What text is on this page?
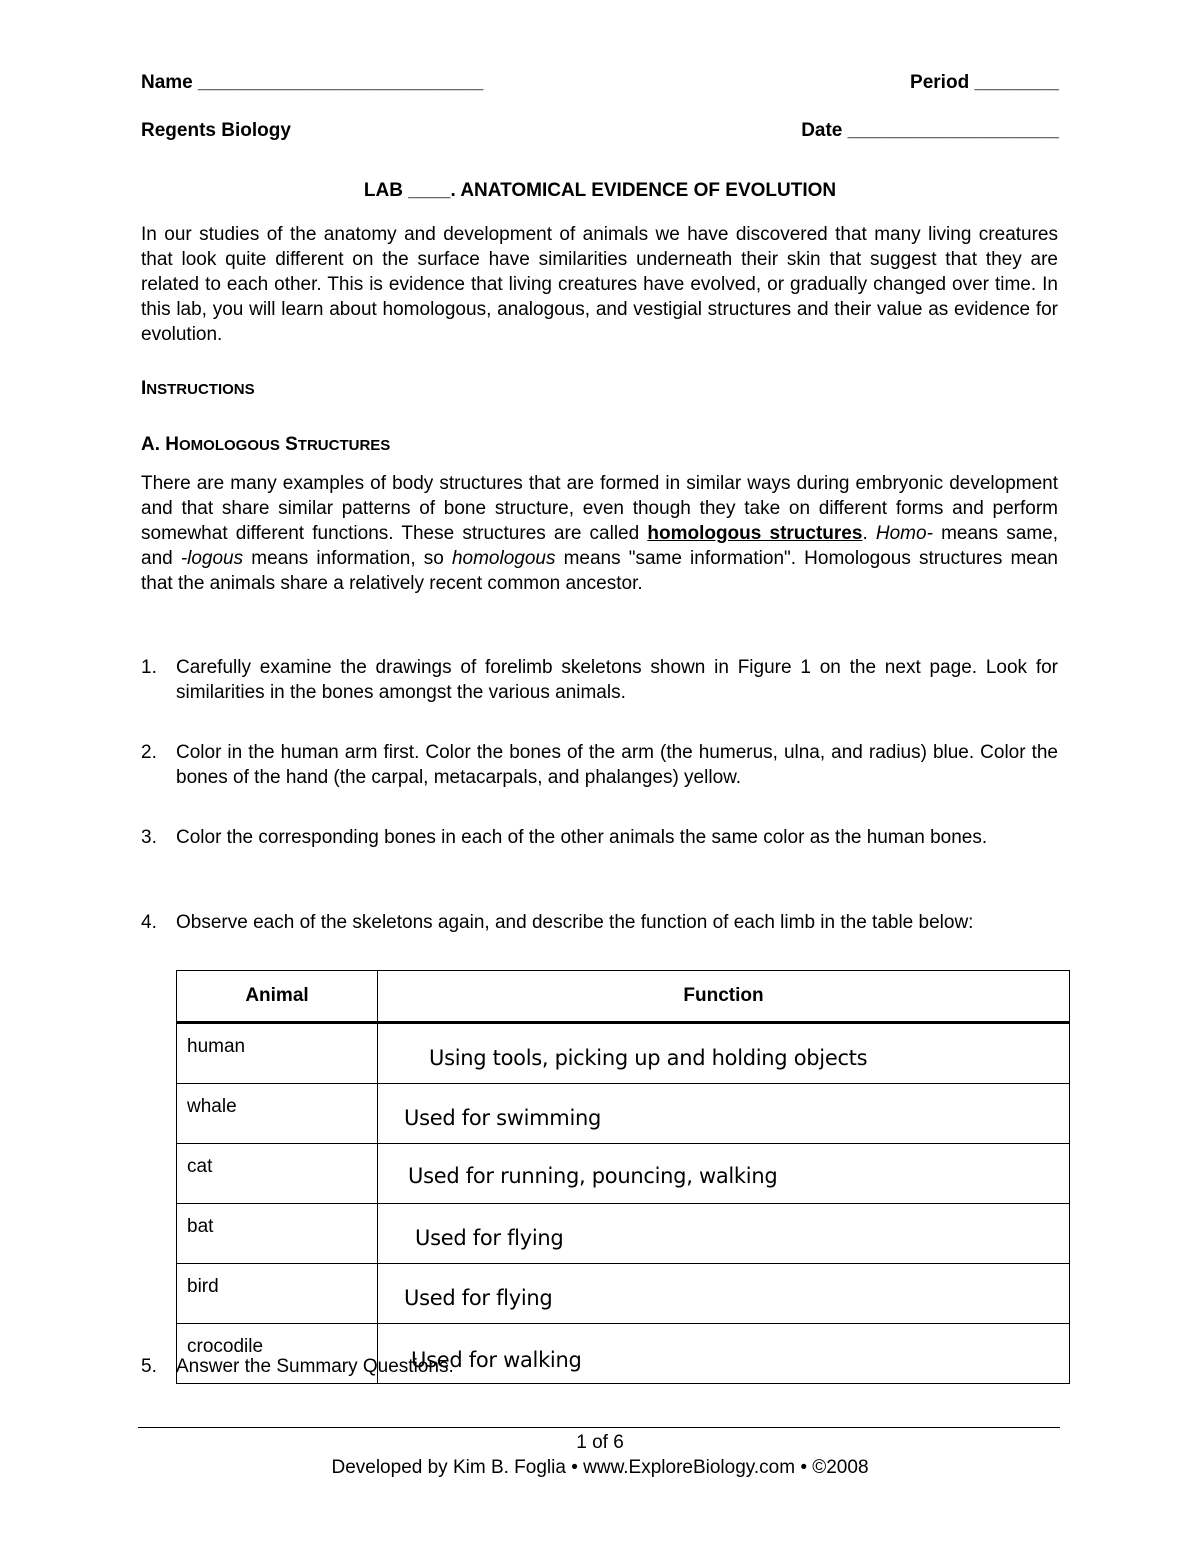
Name ___________________________	Period ________
Regents Biology	Date ____________________
LAB ____. ANATOMICAL EVIDENCE OF EVOLUTION

In our studies of the anatomy and development of animals we have discovered that many living creatures that look quite different on the surface have similarities underneath their skin that suggest that they are related to each other. This is evidence that living creatures have evolved, or gradually changed over time. In this lab, you will learn about homologous, analogous, and vestigial structures and their value as evidence for evolution.

INSTRUCTIONS
A. HOMOLOGOUS STRUCTURES

There are many examples of body structures that are formed in similar ways during embryonic development and that share similar patterns of bone structure, even though they take on different forms and perform somewhat different functions. These structures are called homologous structures. Homo- means same, and -logous means information, so homologous means "same information". Homologous structures mean that the animals share a relatively recent common ancestor.

1. Carefully examine the drawings of forelimb skeletons shown in Figure 1 on the next page. Look for similarities in the bones amongst the various animals.
2. Color in the human arm first. Color the bones of the arm (the humerus, ulna, and radius) blue. Color the bones of the hand (the carpal, metacarpals, and phalanges) yellow.
3. Color the corresponding bones in each of the other animals the same color as the human bones.
4. Observe each of the skeletons again, and describe the function of each limb in the table below:
5. Answer the Summary Questions.
Animal	Function
human	Using tools, picking up and holding objects

whale	Used for swimming

cat	Used for running, pouncing, walking

bat	Used for flying

bird	Used for flying

crocodile	Used for walking
1 of 6
Developed by Kim B. Foglia • www.ExploreBiology.com • ©2008
